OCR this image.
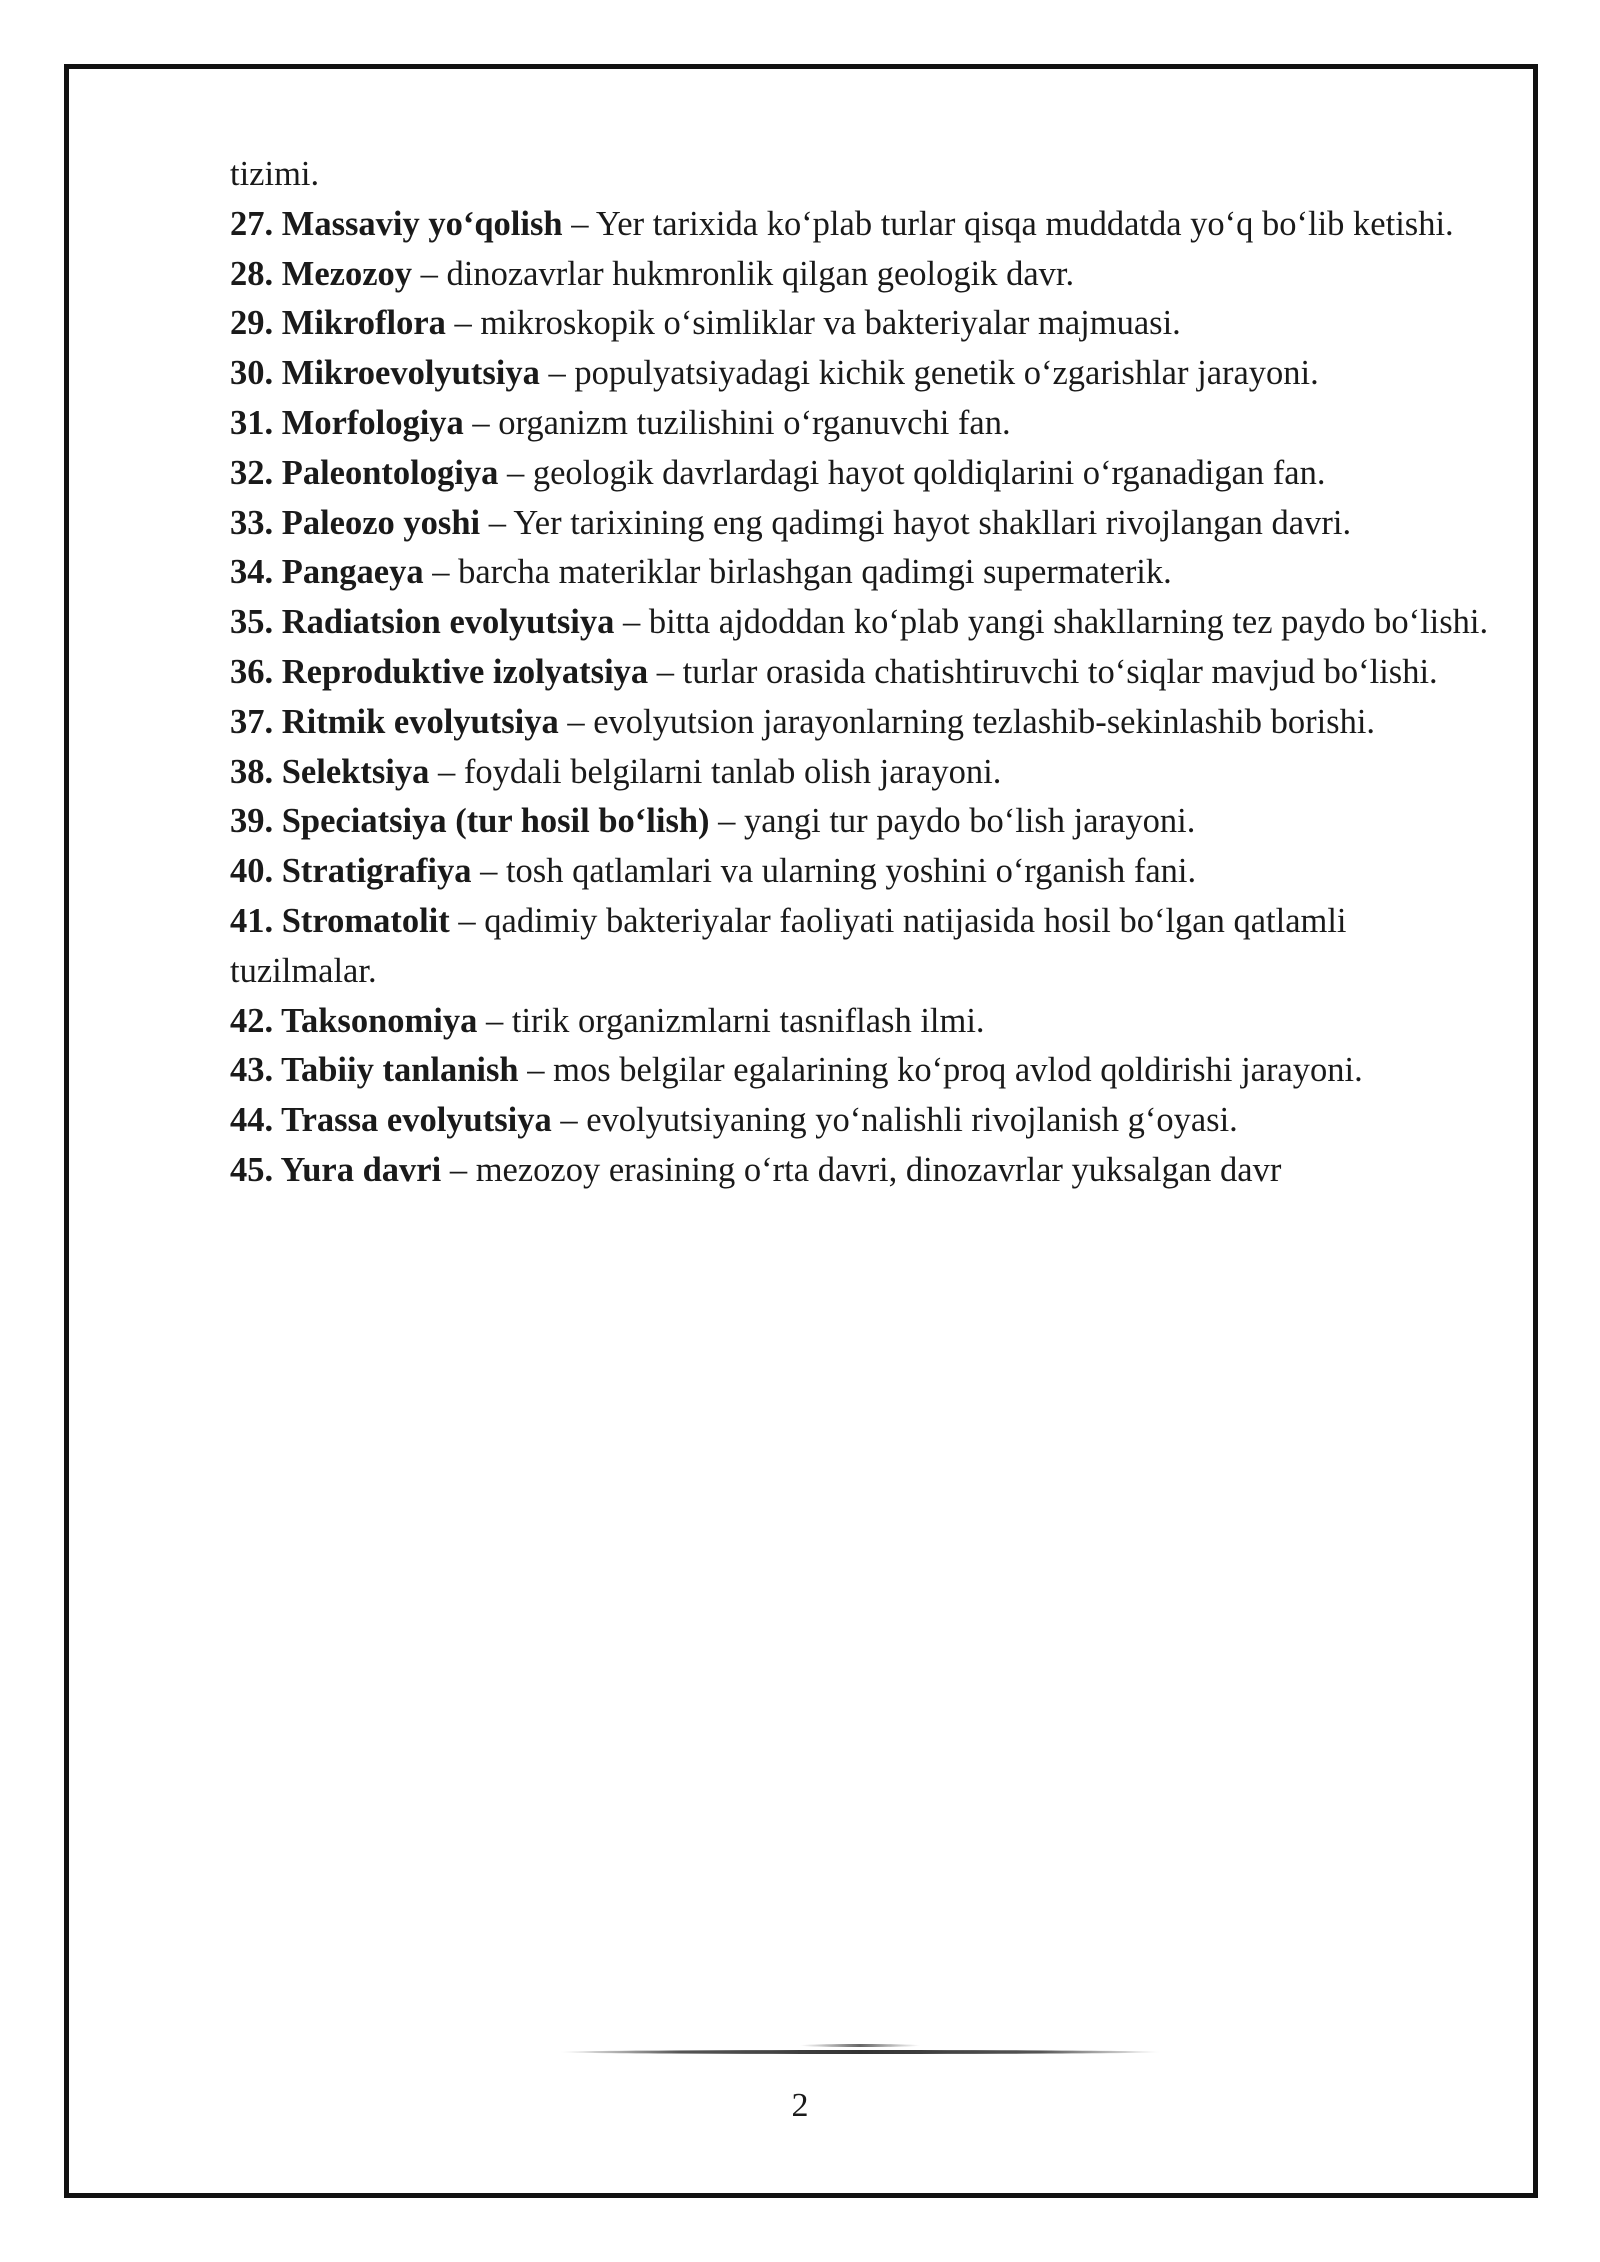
tizimi.

27. Massaviy yo‘qolish – Yer tarixida ko‘plab turlar qisqa muddatda yo‘q bo‘lib ketishi.

28. Mezozoy – dinozavrlar hukmronlik qilgan geologik davr.

29. Mikroflora – mikroskopik o‘simliklar va bakteriyalar majmuasi.

30. Mikroevolyutsiya – populyatsiyadagi kichik genetik o‘zgarishlar jarayoni.

31. Morfologiya – organizm tuzilishini o‘rganuvchi fan.

32. Paleontologiya – geologik davrlardagi hayot qoldiqlarini o‘rganadigan fan.

33. Paleozo yoshi – Yer tarixining eng qadimgi hayot shakllari rivojlangan davri.

34. Pangaeya – barcha materiklar birlashgan qadimgi supermaterik.

35. Radiatsion evolyutsiya – bitta ajdoddan ko‘plab yangi shakllarning tez paydo bo‘lishi.

36. Reproduktive izolyatsiya – turlar orasida chatishtiruvchi to‘siqlar mavjud bo‘lishi.

37. Ritmik evolyutsiya – evolyutsion jarayonlarning tezlashib-sekinlashib borishi.

38. Selektsiya – foydali belgilarni tanlab olish jarayoni.

39. Speciatsiya (tur hosil bo‘lish) – yangi tur paydo bo‘lish jarayoni.

40. Stratigrafiya – tosh qatlamlari va ularning yoshini o‘rganish fani.

41. Stromatolit – qadimiy bakteriyalar faoliyati natijasida hosil bo‘lgan qatlamli tuzilmalar.

42. Taksonomiya – tirik organizmlarni tasniflash ilmi.

43. Tabiiy tanlanish – mos belgilar egalarining ko‘proq avlod qoldirishi jarayoni.

44. Trassa evolyutsiya – evolyutsiyaning yo‘nalishli rivojlanish g‘oyasi.

45. Yura davri – mezozoy erasining o‘rta davri, dinozavrlar yuksalgan davr

2
